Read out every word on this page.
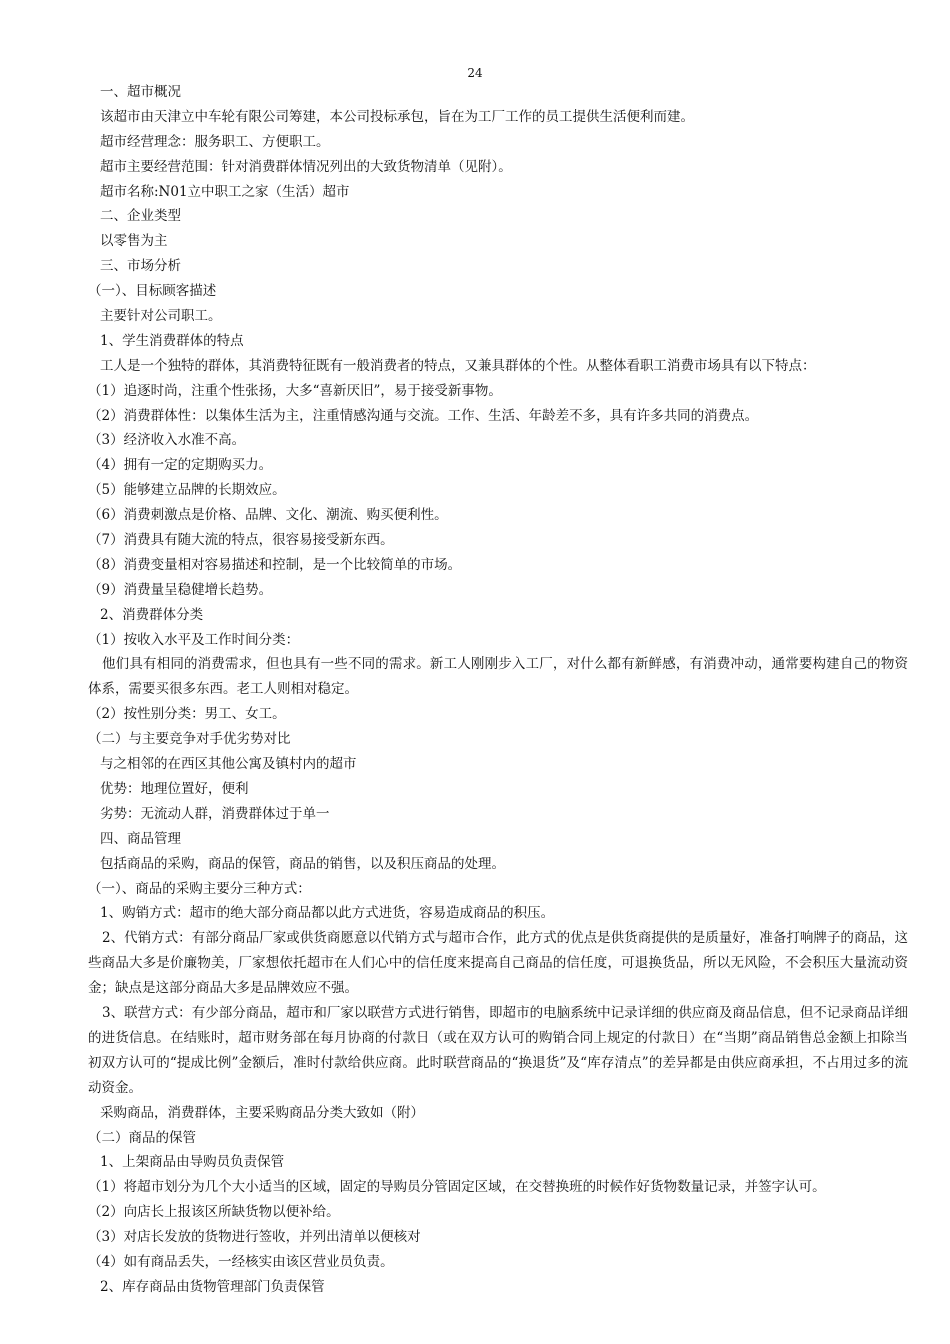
24
一、超市概况
该超市由天津立中车轮有限公司筹建，本公司投标承包，旨在为工厂工作的员工提供生活便利而建。
超市经营理念：服务职工、方便职工。
超市主要经营范围：针对消费群体情况列出的大致货物清单（见附）。
超市名称:N01立中职工之家（生活）超市
二、企业类型
以零售为主
三、市场分析
（一）、目标顾客描述
主要针对公司职工。
1、学生消费群体的特点
工人是一个独特的群体，其消费特征既有一般消费者的特点，又兼具群体的个性。从整体看职工消费市场具有以下特点：
（1）追逐时尚，注重个性张扬，大多“喜新厌旧”，易于接受新事物。
（2）消费群体性：以集体生活为主，注重情感沟通与交流。工作、生活、年龄差不多，具有许多共同的消费点。
（3）经济收入水准不高。
（4）拥有一定的定期购买力。
（5）能够建立品牌的长期效应。
（6）消费刺激点是价格、品牌、文化、潮流、购买便利性。
（7）消费具有随大流的特点，很容易接受新东西。
（8）消费变量相对容易描述和控制，是一个比较简单的市场。
（9）消费量呈稳健增长趋势。
2、消费群体分类
（1）按收入水平及工作时间分类：
他们具有相同的消费需求，但也具有一些不同的需求。新工人刚刚步入工厂，对什么都有新鲜感，有消费冲动，通常要构建自己的物资体系，需要买很多东西。老工人则相对稳定。
（2）按性别分类：男工、女工。
（二）与主要竞争对手优劣势对比
与之相邻的在西区其他公寓及镇村内的超市
优势：地理位置好，便利
劣势：无流动人群，消费群体过于单一
四、商品管理
包括商品的采购，商品的保管，商品的销售，以及积压商品的处理。
（一）、商品的采购主要分三种方式：
1、购销方式：超市的绝大部分商品都以此方式进货，容易造成商品的积压。
2、代销方式：有部分商品厂家或供货商愿意以代销方式与超市合作，此方式的优点是供货商提供的是质量好，准备打响牌子的商品，这些商品大多是价廉物美，厂家想依托超市在人们心中的信任度来提高自己商品的信任度，可退换货品，所以无风险，不会积压大量流动资金；缺点是这部分商品大多是品牌效应不强。
3、联营方式：有少部分商品，超市和厂家以联营方式进行销售，即超市的电脑系统中记录详细的供应商及商品信息，但不记录商品详细的进货信息。在结账时，超市财务部在每月协商的付款日（或在双方认可的购销合同上规定的付款日）在“当期”商品销售总金额上扣除当初双方认可的“提成比例”金额后，准时付款给供应商。此时联营商品的“换退货”及“库存清点”的差异都是由供应商承担，不占用过多的流动资金。
采购商品，消费群体，主要采购商品分类大致如（附）
（二）商品的保管
1、上架商品由导购员负责保管
（1）将超市划分为几个大小适当的区域，固定的导购员分管固定区域，在交替换班的时候作好货物数量记录，并签字认可。
（2）向店长上报该区所缺货物以便补给。
（3）对店长发放的货物进行签收，并列出清单以便核对
（4）如有商品丢失，一经核实由该区营业员负责。
2、库存商品由货物管理部门负责保管
